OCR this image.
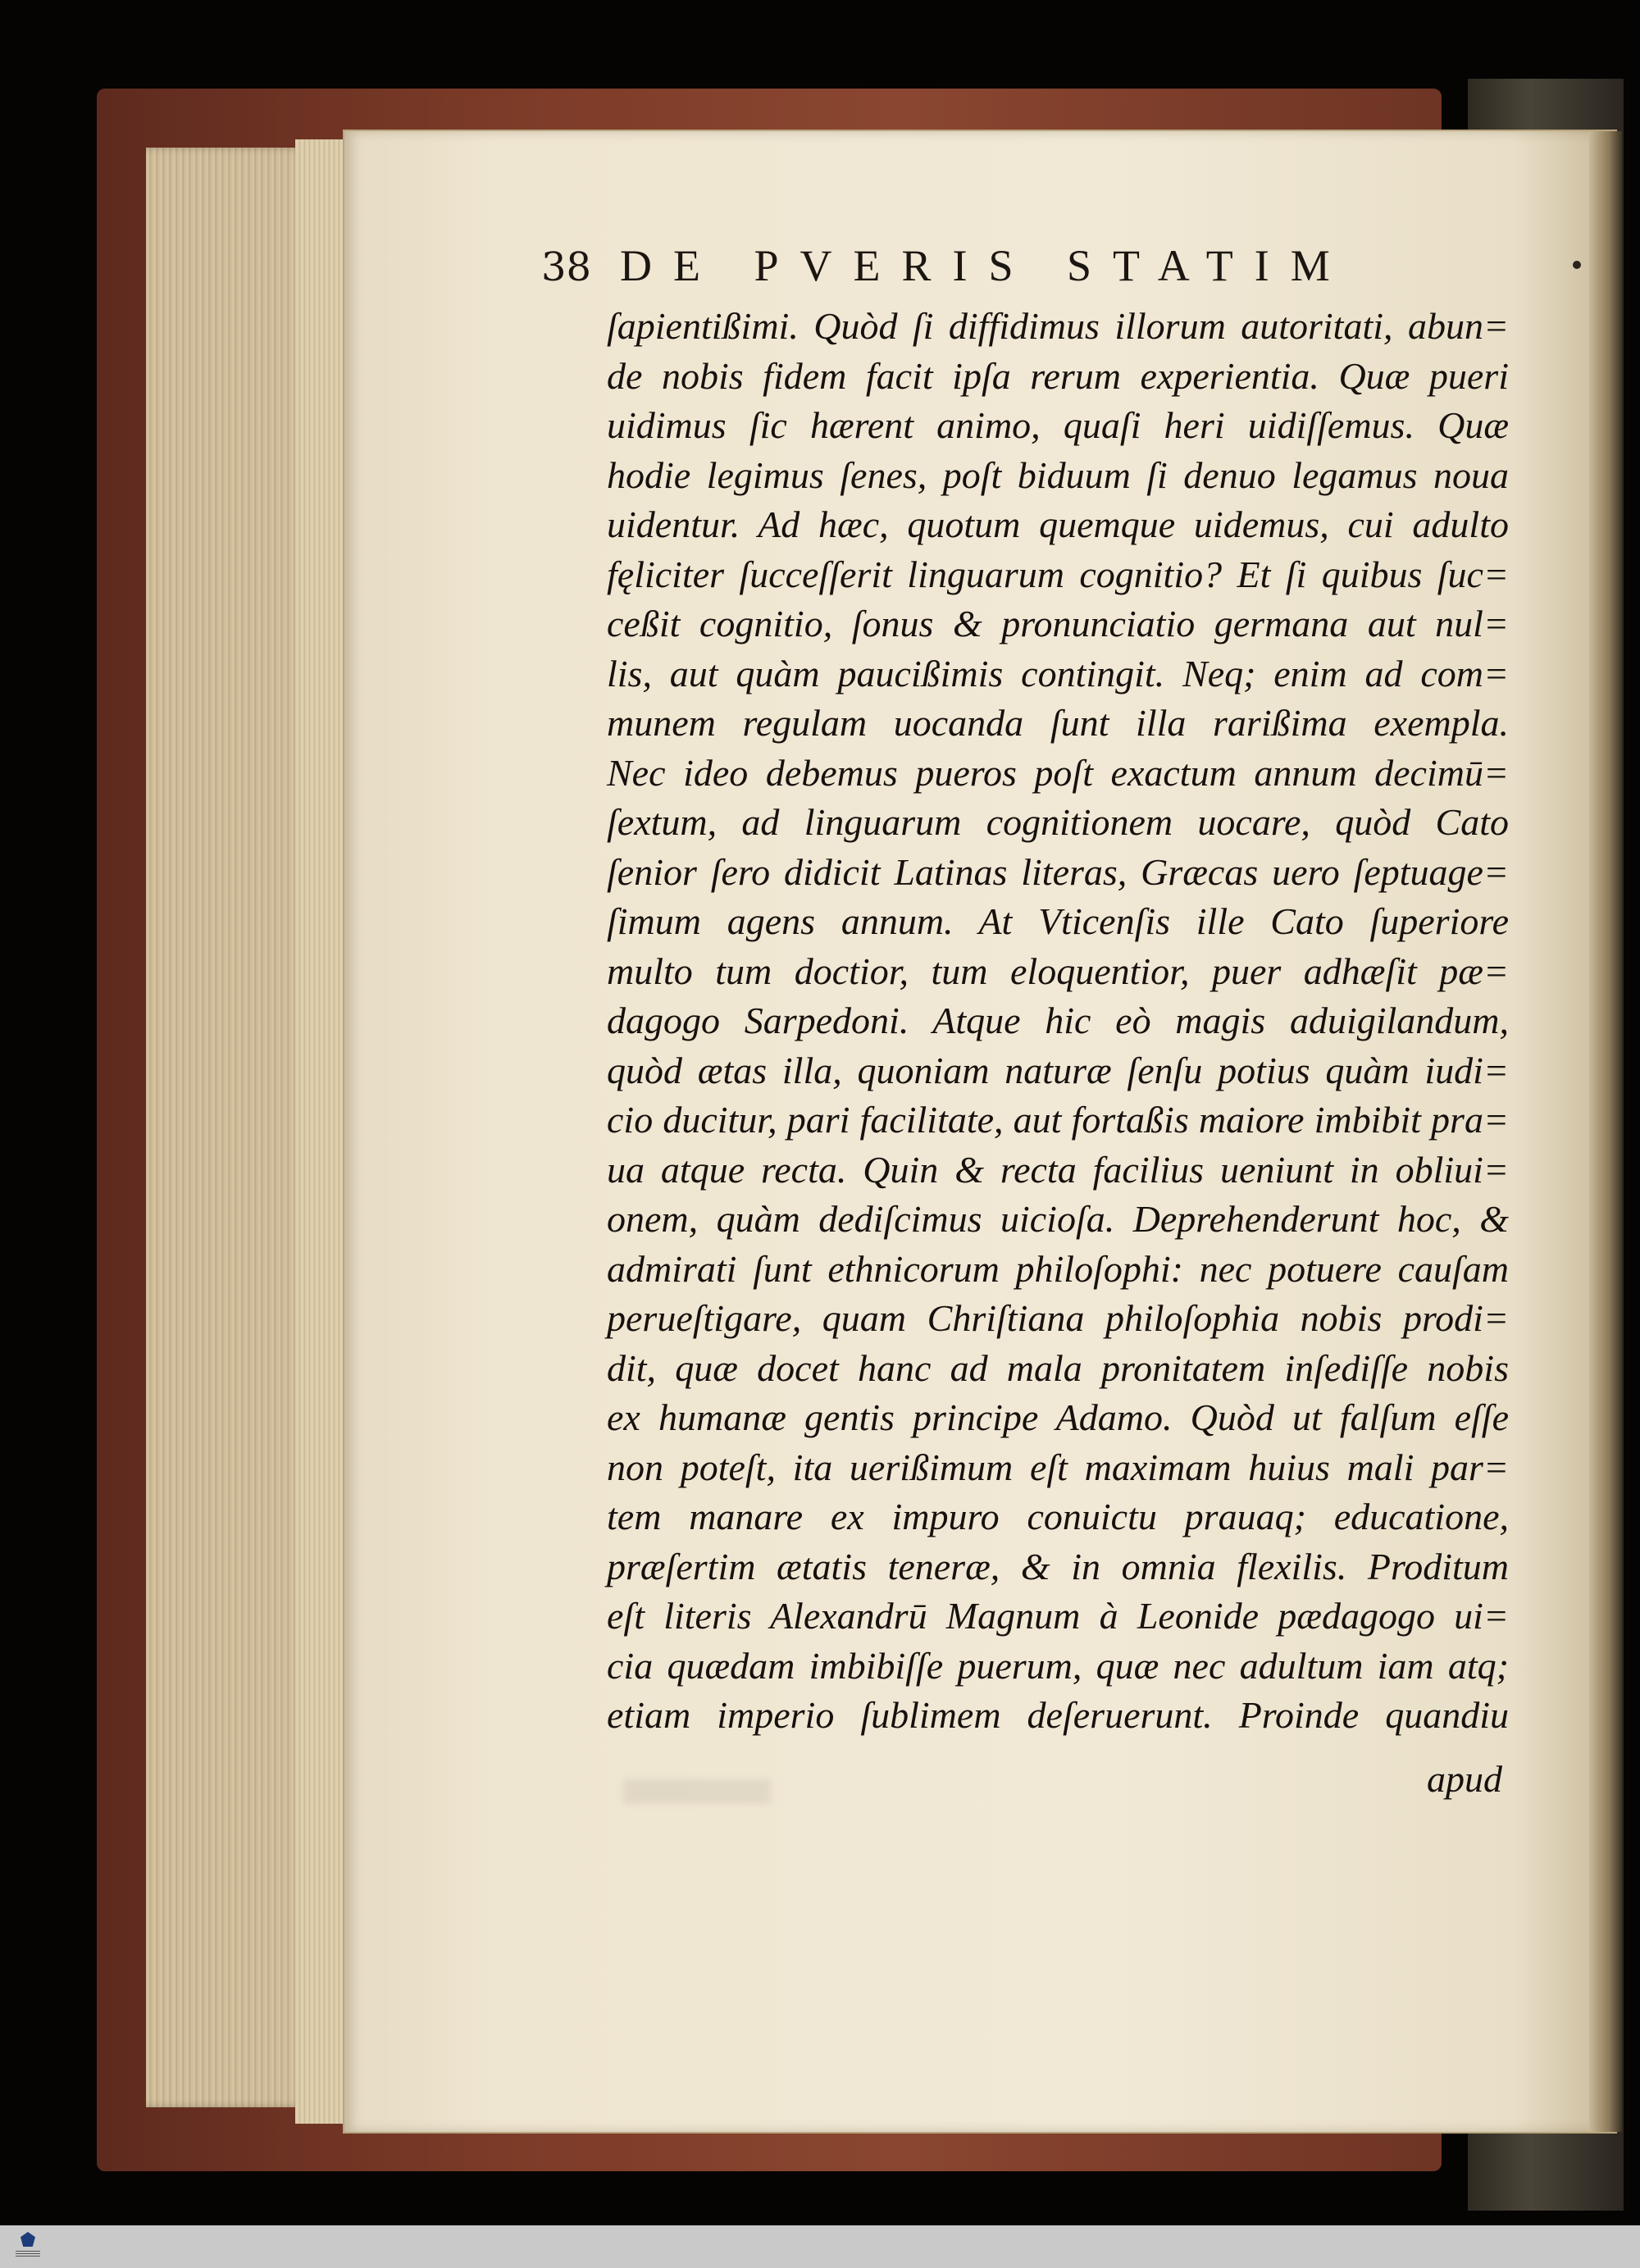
38 DE PVERIS STATIM
ſapientißimi. Quòd ſi diffidimus illorum autoritati, abun=
de nobis fidem facit ipſa rerum experientia. Quæ pueri
uidimus ſic hærent animo, quaſi heri uidiſſemus. Quæ
hodie legimus ſenes, poſt biduum ſi denuo legamus noua
uidentur. Ad hæc, quotum quemque uidemus, cui adulto
fęliciter ſucceſſerit linguarum cognitio? Et ſi quibus ſuc=
ceßit cognitio, ſonus & pronunciatio germana aut nul=
lis, aut quàm paucißimis contingit. Neq; enim ad com=
munem regulam uocanda ſunt illa rarißima exempla.
Nec ideo debemus pueros poſt exactum annum decimū=
ſextum, ad linguarum cognitionem uocare, quòd Cato
ſenior ſero didicit Latinas literas, Græcas uero ſeptuage=
ſimum agens annum. At Vticenſis ille Cato ſuperiore
multo tum doctior, tum eloquentior, puer adhæſit pæ=
dagogo Sarpedoni. Atque hic eò magis aduigilandum,
quòd ætas illa, quoniam naturæ ſenſu potius quàm iudi=
cio ducitur, pari facilitate, aut fortaßis maiore imbibit pra=
ua atque recta. Quin & recta facilius ueniunt in obliui=
onem, quàm dediſcimus uicioſa. Deprehenderunt hoc, &
admirati ſunt ethnicorum philoſophi: nec potuere cauſam
perueſtigare, quam Chriſtiana philoſophia nobis prodi=
dit, quæ docet hanc ad mala pronitatem inſediſſe nobis
ex humanæ gentis principe Adamo. Quòd ut falſum eſſe
non poteſt, ita uerißimum eſt maximam huius mali par=
tem manare ex impuro conuictu prauaq; educatione,
præſertim ætatis teneræ, & in omnia flexilis. Proditum
eſt literis Alexandrū Magnum à Leonide pædagogo ui=
cia quædam imbibiſſe puerum, quæ nec adultum iam atq;
etiam imperio ſublimem deſeruerunt. Proinde quandiu
apud
